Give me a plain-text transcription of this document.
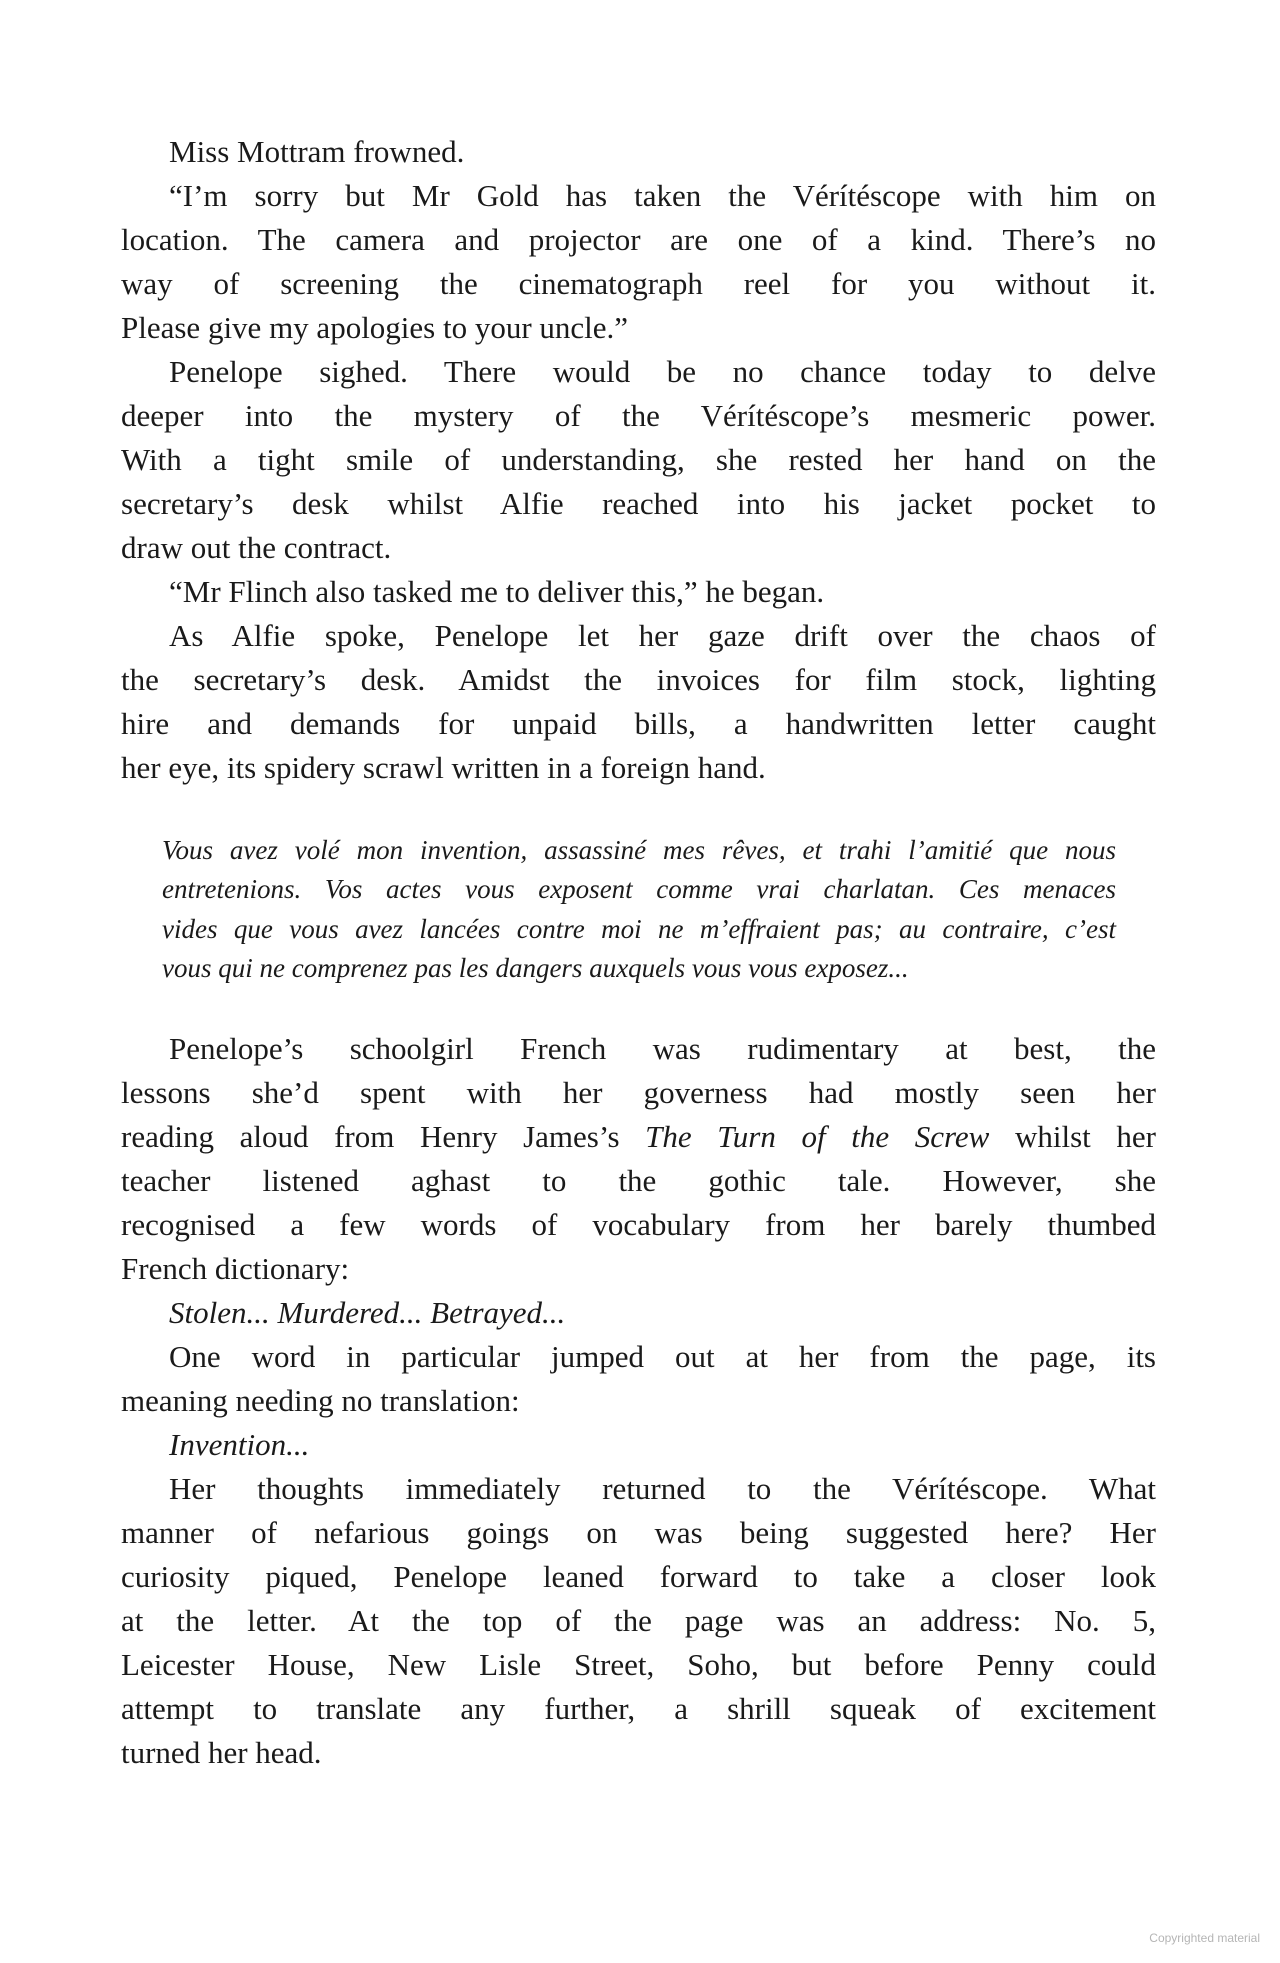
Miss Mottram frowned.
“I’m sorry but Mr Gold has taken the Vérítéscope with him on
location. The camera and projector are one of a kind. There’s no
way of screening the cinematograph reel for you without it.
Please give my apologies to your uncle.”
Penelope sighed. There would be no chance today to delve
deeper into the mystery of the Vérítéscope’s mesmeric power.
With a tight smile of understanding, she rested her hand on the
secretary’s desk whilst Alfie reached into his jacket pocket to
draw out the contract.
“Mr Flinch also tasked me to deliver this,” he began.
As Alfie spoke, Penelope let her gaze drift over the chaos of
the secretary’s desk. Amidst the invoices for film stock, lighting
hire and demands for unpaid bills, a handwritten letter caught
her eye, its spidery scrawl written in a foreign hand.
Vous avez volé mon invention, assassiné mes rêves, et trahi l’amitié que nous
entretenions. Vos actes vous exposent comme vrai charlatan. Ces menaces
vides que vous avez lancées contre moi ne m’effraient pas; au contraire, c’est
vous qui ne comprenez pas les dangers auxquels vous vous exposez...
Penelope’s schoolgirl French was rudimentary at best, the
lessons she’d spent with her governess had mostly seen her
reading aloud from Henry James’s The Turn of the Screw whilst her
teacher listened aghast to the gothic tale. However, she
recognised a few words of vocabulary from her barely thumbed
French dictionary:
Stolen... Murdered... Betrayed...
One word in particular jumped out at her from the page, its
meaning needing no translation:
Invention...
Her thoughts immediately returned to the Vérítéscope. What
manner of nefarious goings on was being suggested here? Her
curiosity piqued, Penelope leaned forward to take a closer look
at the letter. At the top of the page was an address: No. 5,
Leicester House, New Lisle Street, Soho, but before Penny could
attempt to translate any further, a shrill squeak of excitement
turned her head.
Copyrighted material
